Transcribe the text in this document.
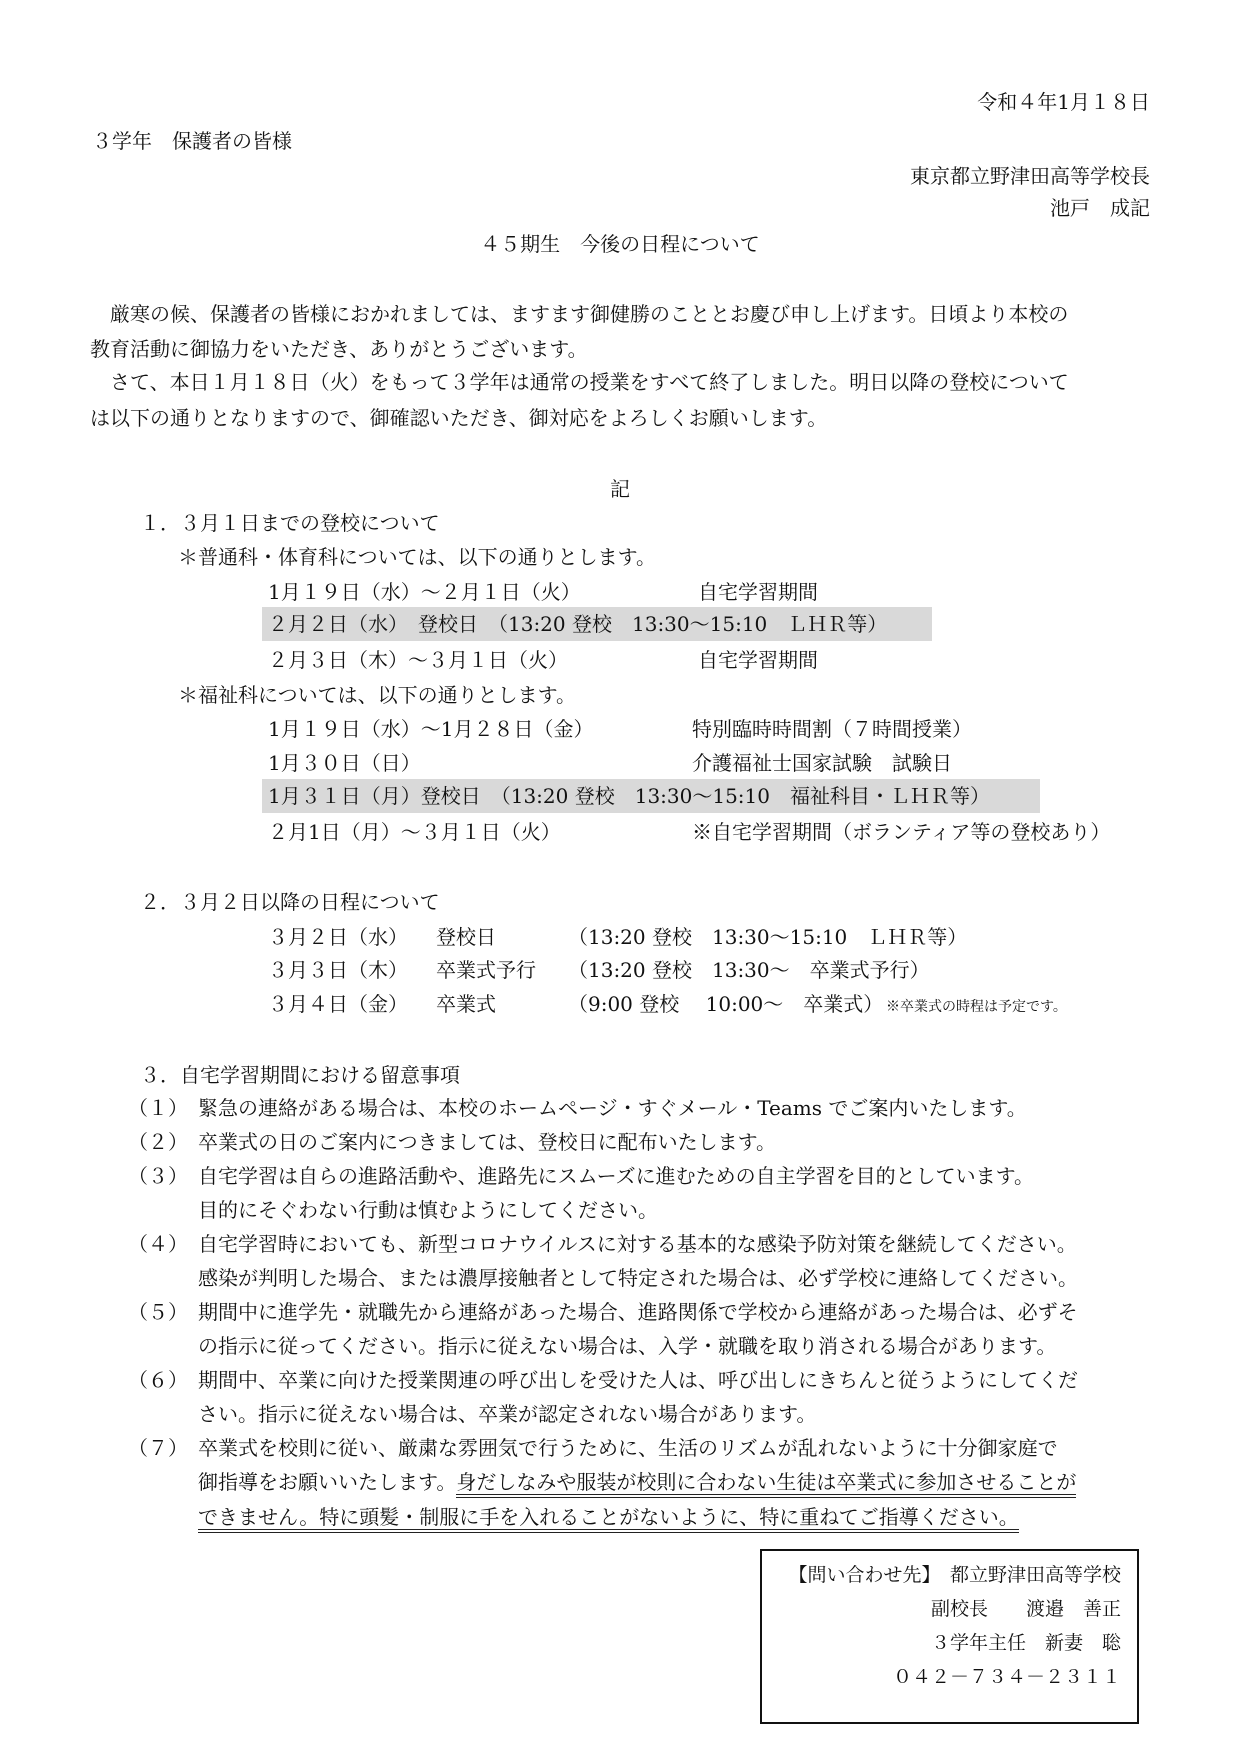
令和４年1月１８日
３学年　保護者の皆様
東京都立野津田高等学校長
池戸　成記
４５期生　今後の日程について
厳寒の候、保護者の皆様におかれましては、ますます御健勝のこととお慶び申し上げます。日頃より本校の
教育活動に御協力をいただき、ありがとうございます。
さて、本日１月１８日（火）をもって３学年は通常の授業をすべて終了しました。明日以降の登校について
は以下の通りとなりますので、御確認いただき、御対応をよろしくお願いします。
記
１．３月１日までの登校について
＊普通科・体育科については、以下の通りとします。
1月１９日（水）～２月１日（火）	自宅学習期間
２月２日（水）　登校日　（13:20 登校　13:30～15:10　ＬＨＲ等）
２月３日（木）～３月１日（火）	自宅学習期間
＊福祉科については、以下の通りとします。
1月１９日（水）～1月２８日（金）	特別臨時時間割（７時間授業）
1月３０日（日）	介護福祉士国家試験　試験日
1月３１日（月）登校日　（13:20 登校　13:30～15:10　福祉科目・ＬＨＲ等）
２月1日（月）～３月１日（火）	※自宅学習期間（ボランティア等の登校あり）
２．３月２日以降の日程について
３月２日（水） 登校日	（13:20 登校　13:30～15:10　ＬＨＲ等）
３月３日（木） 卒業式予行 （13:20 登校　13:30～　卒業式予行）
３月４日（金） 卒業式	（9:00 登校　 10:00～　卒業式） ※卒業式の時程は予定です。
３．自宅学習期間における留意事項
（１） 緊急の連絡がある場合は、本校のホームページ・すぐメール・Teams でご案内いたします。
（２） 卒業式の日のご案内につきましては、登校日に配布いたします。
（３） 自宅学習は自らの進路活動や、進路先にスムーズに進むための自主学習を目的としています。
目的にそぐわない行動は慎むようにしてください。
（４） 自宅学習時においても、新型コロナウイルスに対する基本的な感染予防対策を継続してください。
感染が判明した場合、または濃厚接触者として特定された場合は、必ず学校に連絡してください。
（５） 期間中に進学先・就職先から連絡があった場合、進路関係で学校から連絡があった場合は、必ずそ
の指示に従ってください。指示に従えない場合は、入学・就職を取り消される場合があります。
（６） 期間中、卒業に向けた授業関連の呼び出しを受けた人は、呼び出しにきちんと従うようにしてくだ
さい。指示に従えない場合は、卒業が認定されない場合があります。
（７） 卒業式を校則に従い、厳粛な雰囲気で行うために、生活のリズムが乱れないように十分御家庭で
御指導をお願いいたします。身だしなみや服装が校則に合わない生徒は卒業式に参加させることが
できません。特に頭髪・制服に手を入れることがないように、特に重ねてご指導ください。
【問い合わせ先】　 都立野津田高等学校
副校長　　渡邉　善正
３学年主任　新妻　聡
０４２－７３４－２３１１
